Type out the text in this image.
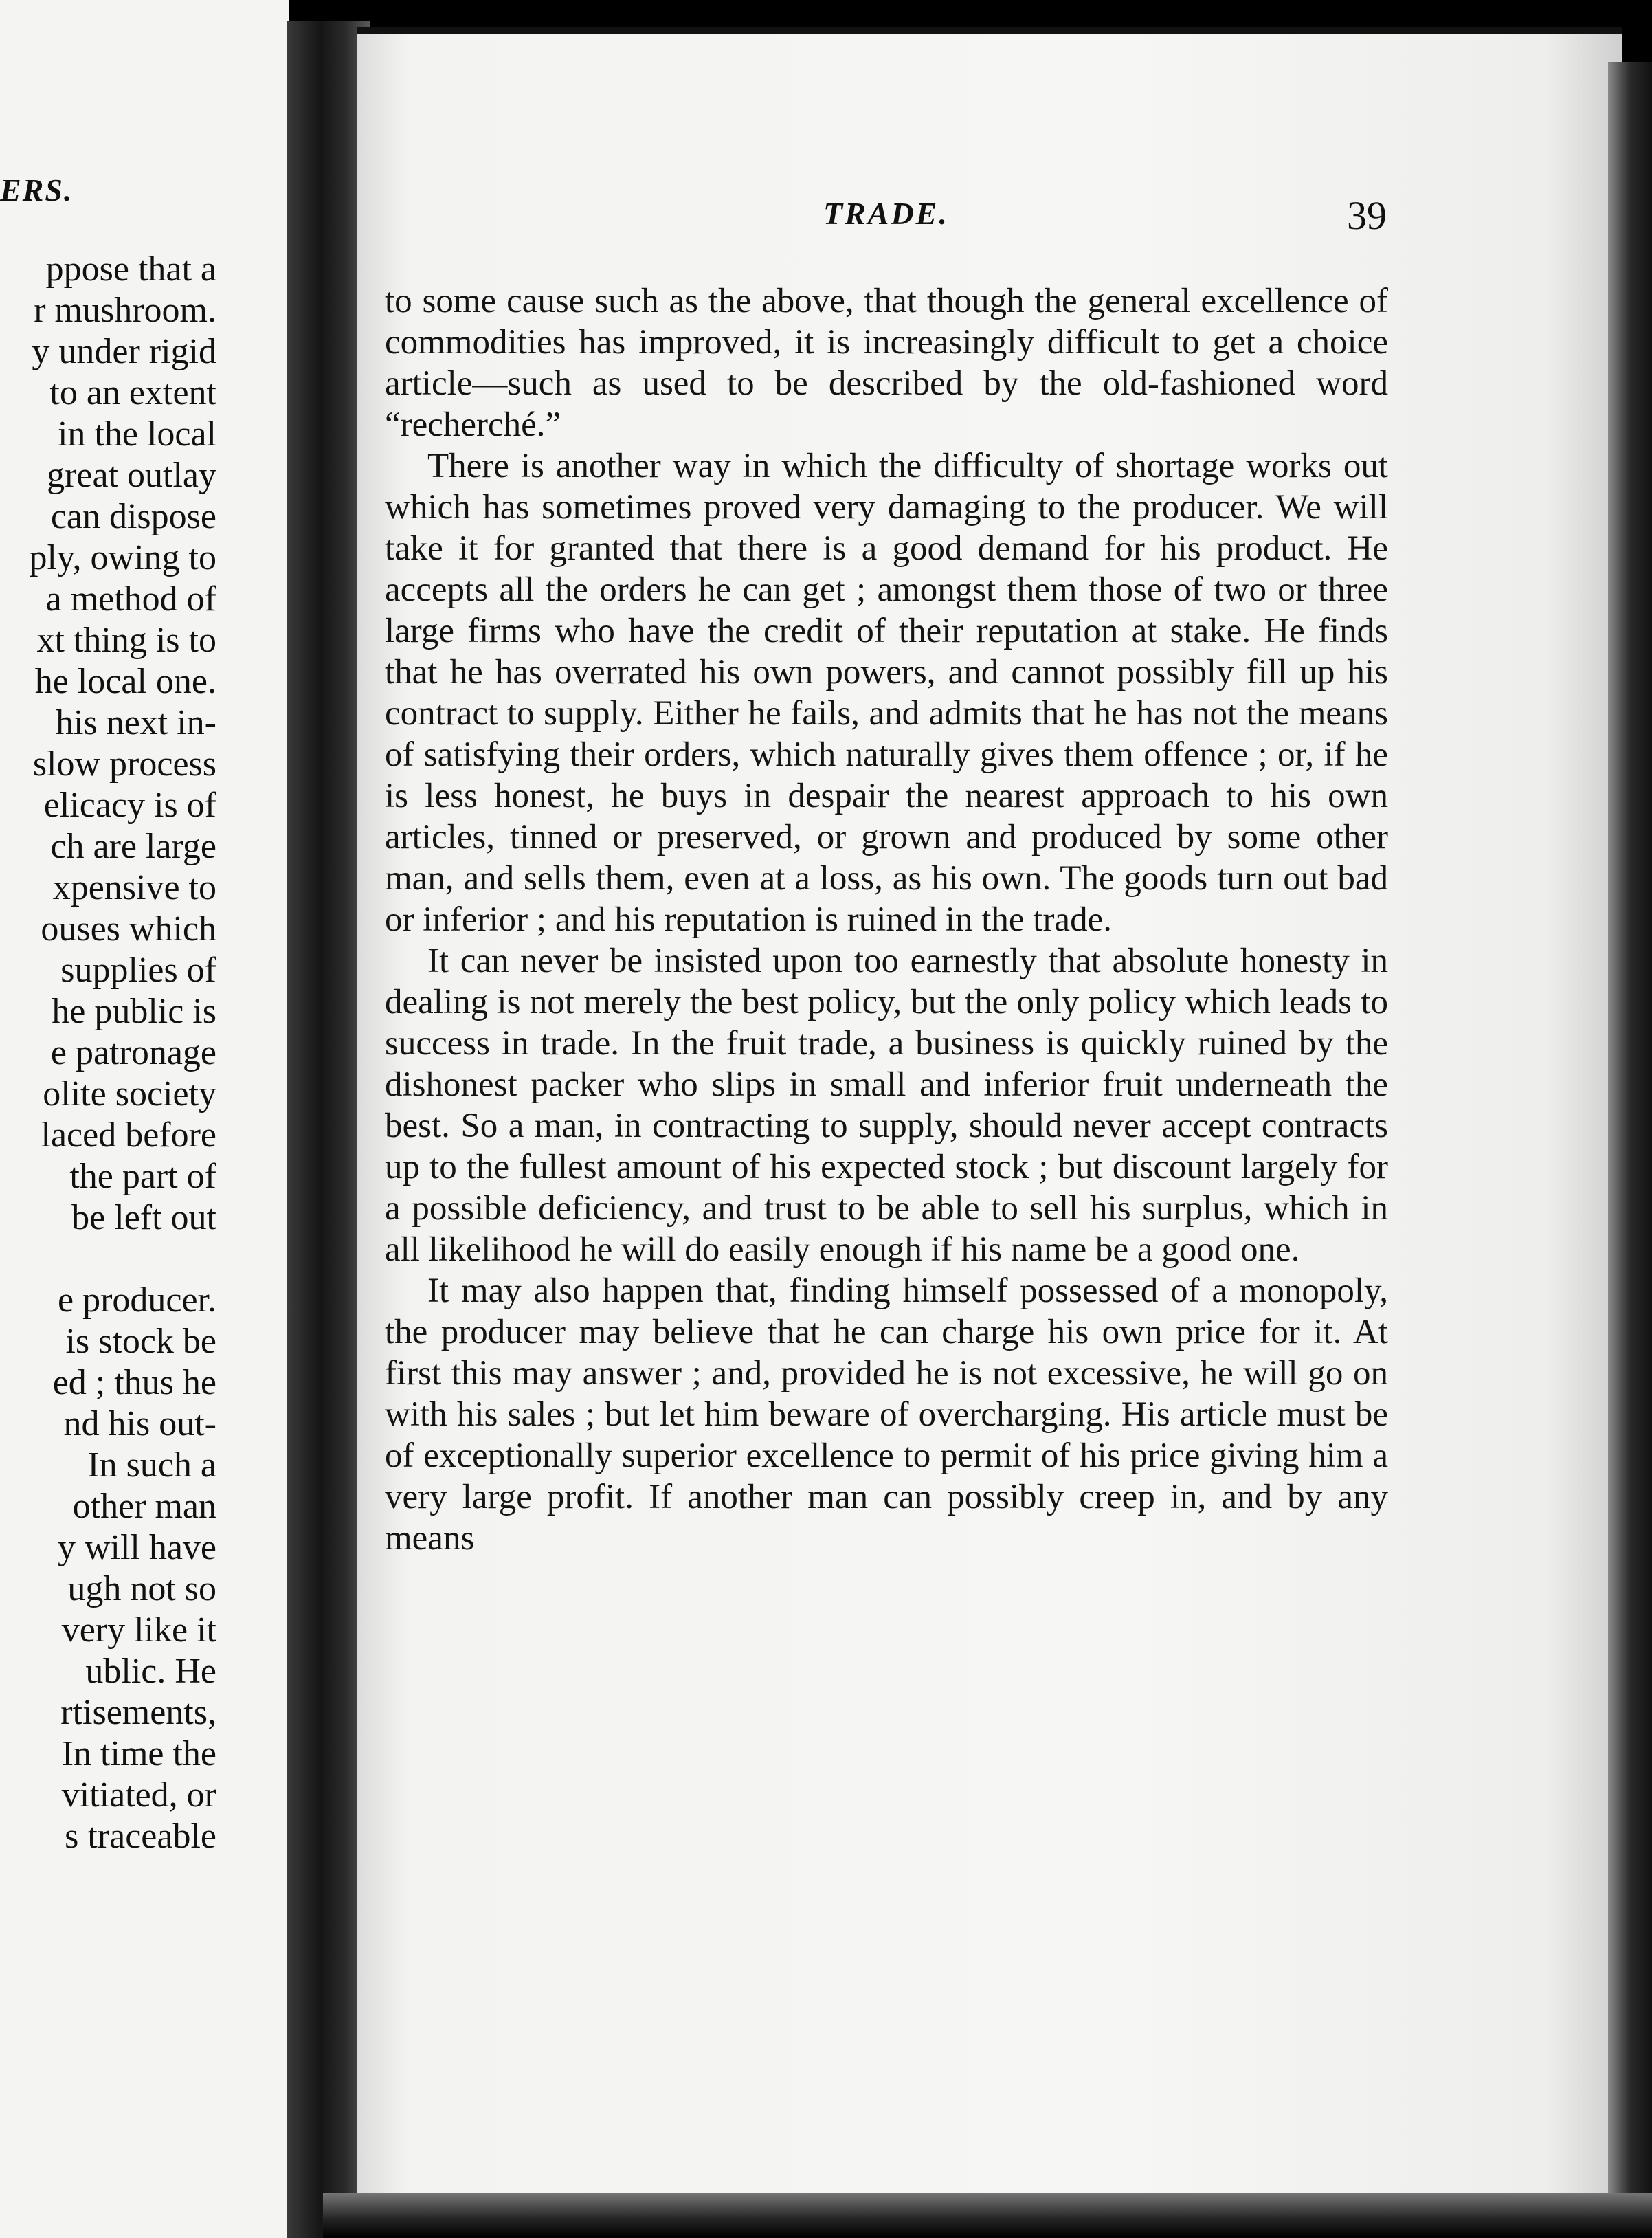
ERS.
ppose that a
r mushroom.
y under rigid
to an extent
in the local
great outlay
can dispose
ply, owing to
a method of
xt thing is to
he local one.
his next in-
slow process
elicacy is of
ch are large
xpensive to
ouses which
supplies of
he public is
e patronage
olite society
laced before
the part of
be left out
e producer.
is stock be
ed ; thus he
nd his out-
In such a
other man
y will have
ugh not so
very like it
ublic. He
rtisements,
In time the
vitiated, or
s traceable
TRADE.	39

to some cause such as the above, that though the general excellence of commodities has improved, it is increasingly difficult to get a choice article—such as used to be described by the old-fashioned word “recherché.”

There is another way in which the difficulty of shortage works out which has sometimes proved very damaging to the producer. We will take it for granted that there is a good demand for his product. He accepts all the orders he can get ; amongst them those of two or three large firms who have the credit of their reputation at stake. He finds that he has overrated his own powers, and cannot possibly fill up his contract to supply. Either he fails, and admits that he has not the means of satisfying their orders, which naturally gives them offence ; or, if he is less honest, he buys in despair the nearest approach to his own articles, tinned or preserved, or grown and produced by some other man, and sells them, even at a loss, as his own. The goods turn out bad or inferior ; and his reputation is ruined in the trade.

It can never be insisted upon too earnestly that absolute honesty in dealing is not merely the best policy, but the only policy which leads to success in trade. In the fruit trade, a business is quickly ruined by the dishonest packer who slips in small and inferior fruit underneath the best. So a man, in contracting to supply, should never accept contracts up to the fullest amount of his expected stock ; but discount largely for a possible deficiency, and trust to be able to sell his surplus, which in all likelihood he will do easily enough if his name be a good one.

It may also happen that, finding himself possessed of a monopoly, the producer may believe that he can charge his own price for it. At first this may answer ; and, provided he is not excessive, he will go on with his sales ; but let him beware of overcharging. His article must be of exceptionally superior excellence to permit of his price giving him a very large profit. If another man can possibly creep in, and by any means
